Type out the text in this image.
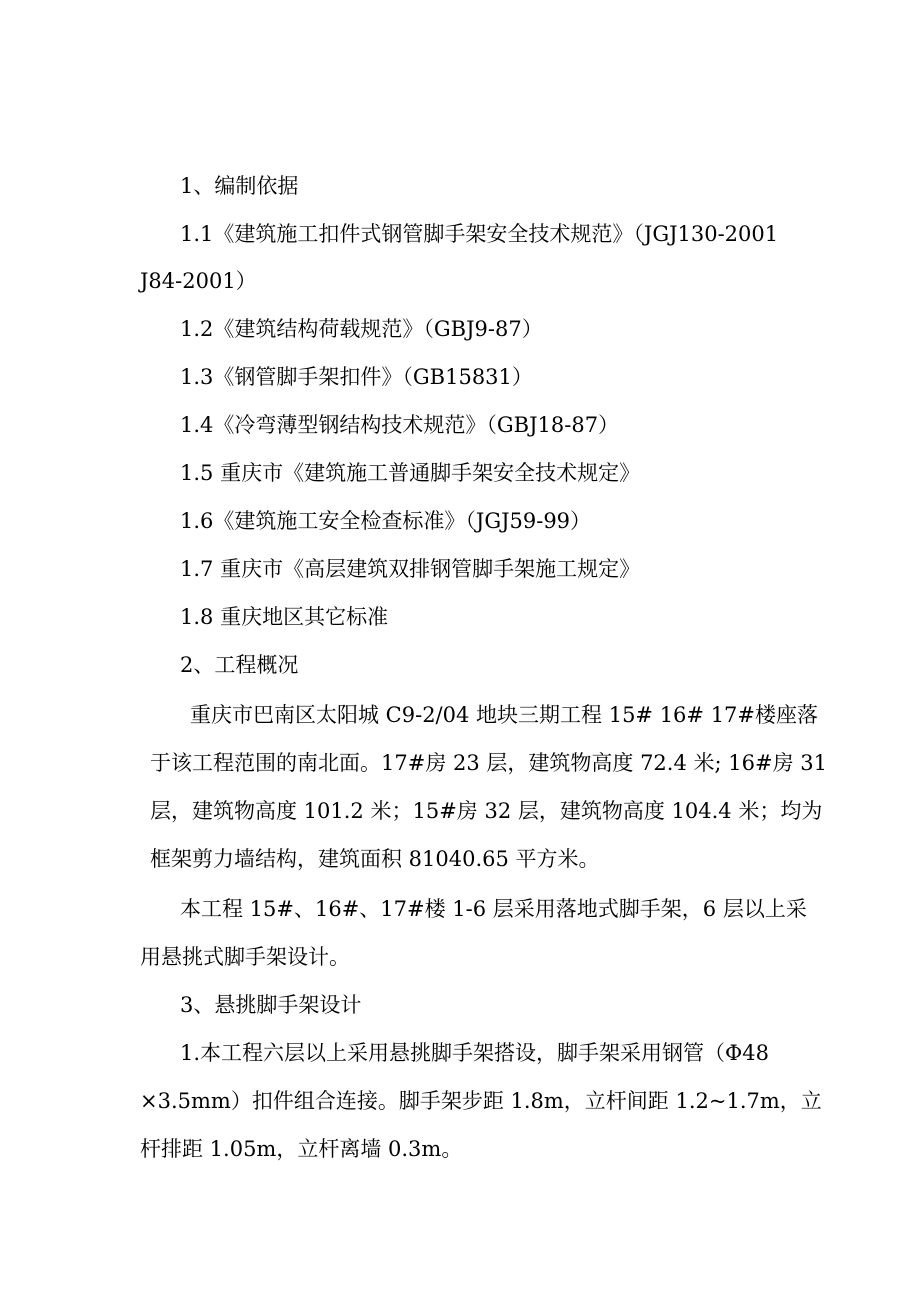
1、编制依据
1.1《建筑施工扣件式钢管脚手架安全技术规范》（JGJ130-2001
J84-2001）
1.2《建筑结构荷载规范》（GBJ9-87）
1.3《钢管脚手架扣件》（GB15831）
1.4《冷弯薄型钢结构技术规范》（GBJ18-87）
1.5 重庆市《建筑施工普通脚手架安全技术规定》
1.6《建筑施工安全检查标准》（JGJ59-99）
1.7 重庆市《高层建筑双排钢管脚手架施工规定》
1.8 重庆地区其它标准
2、工程概况
重庆市巴南区太阳城 C9-2/04 地块三期工程 15# 16# 17#楼座落
于该工程范围的南北面。17#房 23 层，建筑物高度 72.4 米; 16#房 31
层，建筑物高度 101.2 米；15#房 32 层，建筑物高度 104.4 米；均为
框架剪力墙结构，建筑面积 81040.65 平方米。
本工程 15#、16#、17#楼 1-6 层采用落地式脚手架，6 层以上采
用悬挑式脚手架设计。
3、悬挑脚手架设计
1.本工程六层以上采用悬挑脚手架搭设，脚手架采用钢管（Φ48
×3.5mm）扣件组合连接。脚手架步距 1.8m，立杆间距 1.2~1.7m，立
杆排距 1.05m，立杆离墙 0.3m。
